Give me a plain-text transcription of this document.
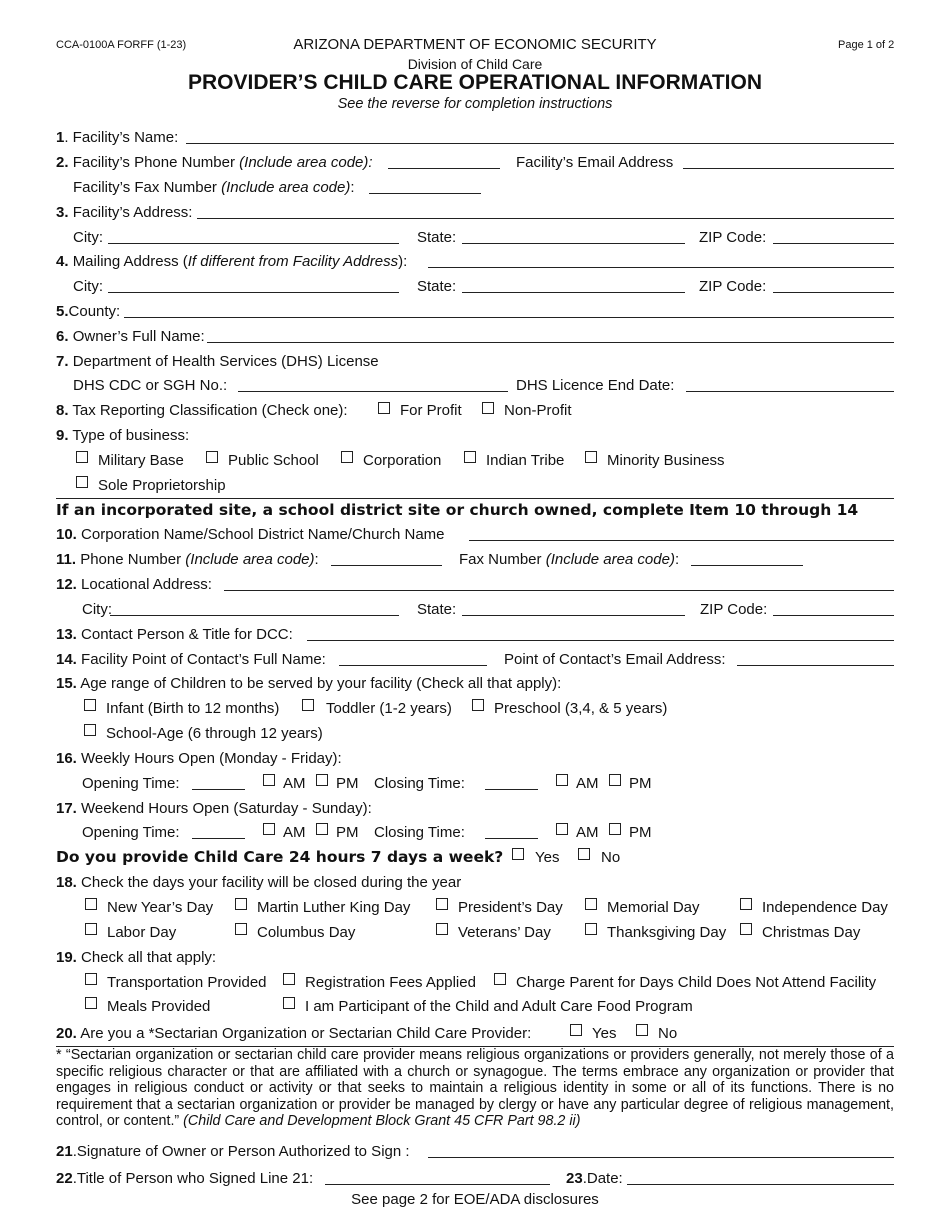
CCA-0100A FORFF (1-23)	ARIZONA DEPARTMENT OF ECONOMIC SECURITY	Page 1 of 2
Division of Child Care
PROVIDER’S CHILD CARE OPERATIONAL INFORMATION
See the reverse for completion instructions
1. Facility’s Name:
2. Facility’s Phone Number (Include area code):	Facility’s Email Address
Facility’s Fax Number (Include area code):
3. Facility’s Address:
City:	State:	ZIP Code:
4. Mailing Address (If different from Facility Address):
City:	State:	ZIP Code:
5.County:
6. Owner’s Full Name:
7. Department of Health Services (DHS) License
DHS CDC or SGH No.:	DHS Licence End Date:
8. Tax Reporting Classification (Check one):	For Profit	Non-Profit
9. Type of business:
Military Base	Public School	Corporation	Indian Tribe	Minority Business
Sole Proprietorship
If an incorporated site, a school district site or church owned, complete Item 10 through 14
10. Corporation Name/School District Name/Church Name
11. Phone Number (Include area code):	Fax Number (Include area code):
12. Locational Address:
City:	State:	ZIP Code:
13. Contact Person & Title for DCC:
14. Facility Point of Contact’s Full Name:	Point of Contact’s Email Address:
15. Age range of Children to be served by your facility (Check all that apply):
Infant (Birth to 12 months)	Toddler (1-2 years)	Preschool (3,4, & 5 years)
School-Age (6 through 12 years)
16. Weekly Hours Open (Monday - Friday):
Opening Time:	AM PM Closing Time:	AM PM
17. Weekend Hours Open (Saturday - Sunday):
Opening Time:	AM PM Closing Time:	AM PM
Do you provide Child Care 24 hours 7 days a week? Yes	No
18. Check the days your facility will be closed during the year
New Year’s Day	Martin Luther King Day	President’s Day	Memorial Day	Independence Day
Labor Day	Columbus Day	Veterans’ Day	Thanksgiving Day Christmas Day
19. Check all that apply:
Transportation Provided	Registration Fees Applied	Charge Parent for Days Child Does Not Attend Facility
Meals Provided	I am Participant of the Child and Adult Care Food Program
20. Are you a *Sectarian Organization or Sectarian Child Care Provider:	Yes	No
* “Sectarian organization or sectarian child care provider means religious organizations or providers generally, not merely those of a specific religious character or that are affiliated with a church or synagogue. The terms embrace any organization or provider that engages in religious conduct or activity or that seeks to maintain a religious identity in some or all of its functions. There is no requirement that a sectarian organization or provider be managed by clergy or have any particular degree of religious management, control, or content.” (Child Care and Development Block Grant 45 CFR Part 98.2 ii)
21.Signature of Owner or Person Authorized to Sign :
22.Title of Person who Signed Line 21:	23.Date:
See page 2 for EOE/ADA disclosures
